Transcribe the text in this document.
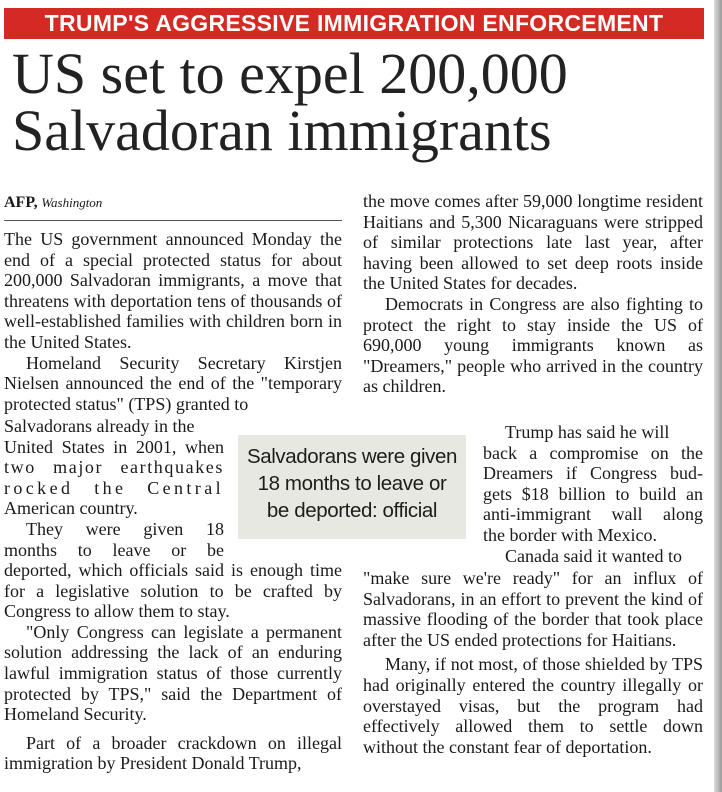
TRUMP'S AGGRESSIVE IMMIGRATION ENFORCEMENT
US set to expel 200,000
Salvadoran immigrants
AFP, Washington

The US government announced Monday the end of a special protected status for about 200,000 Salvadoran immigrants, a move that threatens with deportation tens of thousands of well-established families with children born in the United States.

Homeland Security Secretary Kirstjen Nielsen announced the end of the "temporary protected status" (TPS) granted to

Salvadorans already in the
United States in 2001, when
two major earthquakes
rocked the Central
American country.
They were given 18
months to leave or be

deported, which officials said is enough time for a legislative solution to be crafted by Congress to allow them to stay.

"Only Congress can legislate a permanent solution addressing the lack of an enduring lawful immigration status of those currently protected by TPS," said the Department of Homeland Security.

Part of a broader crackdown on illegal immigration by President Donald Trump,

Salvadorans were given
18 months to leave or
be deported: official

the move comes after 59,000 longtime resident Haitians and 5,300 Nicaraguans were stripped of similar protections late last year, after having been allowed to set deep roots inside the United States for decades.

Democrats in Congress are also fighting to protect the right to stay inside the US of 690,000 young immigrants known as "Dreamers," people who arrived in the country as children.

Trump has said he will
back a compromise on the
Dreamers if Congress bud-
gets $18 billion to build an
anti-immigrant wall along
the border with Mexico.
Canada said it wanted to

"make sure we're ready" for an influx of Salvadorans, in an effort to prevent the kind of massive flooding of the border that took place after the US ended protections for Haitians.

Many, if not most, of those shielded by TPS had originally entered the country illegally or overstayed visas, but the program had effectively allowed them to settle down without the constant fear of deportation.
